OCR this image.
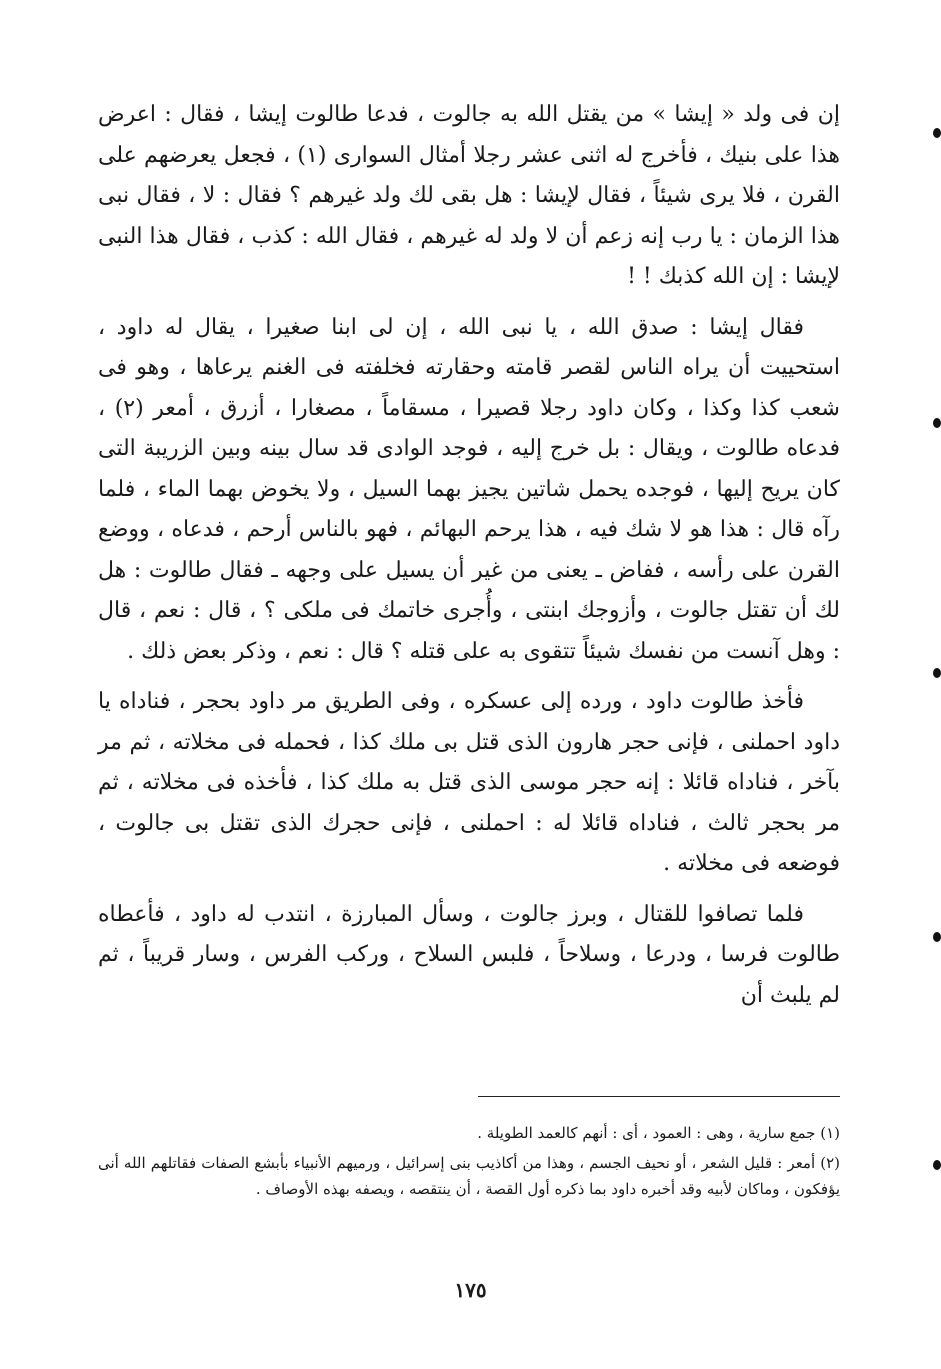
إن فى ولد « إيشا » من يقتل الله به جالوت ، فدعا طالوت إيشا ، فقال : اعرض هذا على بنيك ، فأخرج له اثنى عشر رجلا أمثال السوارى (١) ، فجعل يعرضهم على القرن ، فلا يرى شيئاً ، فقال لإيشا : هل بقى لك ولد غيرهم ؟ فقال : لا ، فقال نبى هذا الزمان : يا رب إنه زعم أن لا ولد له غيرهم ، فقال الله : كذب ، فقال هذا النبى لإيشا : إن الله كذبك ! !

فقال إيشا : صدق الله ، يا نبى الله ، إن لى ابنا صغيرا ، يقال له داود ، استحييت أن يراه الناس لقصر قامته وحقارته فخلفته فى الغنم يرعاها ، وهو فى شعب كذا وكذا ، وكان داود رجلا قصيرا ، مسقاماً ، مصغارا ، أزرق ، أمعر (٢) ، فدعاه طالوت ، ويقال : بل خرج إليه ، فوجد الوادى قد سال بينه وبين الزريبة التى كان يريح إليها ، فوجده يحمل شاتين يجيز بهما السيل ، ولا يخوض بهما الماء ، فلما رآه قال : هذا هو لا شك فيه ، هذا يرحم البهائم ، فهو بالناس أرحم ، فدعاه ، ووضع القرن على رأسه ، ففاض ـ يعنى من غير أن يسيل على وجهه ـ فقال طالوت : هل لك أن تقتل جالوت ، وأزوجك ابنتى ، وأُجرى خاتمك فى ملكى ؟ ، قال : نعم ، قال : وهل آنست من نفسك شيئاً تتقوى به على قتله ؟ قال : نعم ، وذكر بعض ذلك .

فأخذ طالوت داود ، ورده إلى عسكره ، وفى الطريق مر داود بحجر ، فناداه يا داود احملنى ، فإنى حجر هارون الذى قتل بى ملك كذا ، فحمله فى مخلاته ، ثم مر بآخر ، فناداه قائلا : إنه حجر موسى الذى قتل به ملك كذا ، فأخذه فى مخلاته ، ثم مر بحجر ثالث ، فناداه قائلا له : احملنى ، فإنى حجرك الذى تقتل بى جالوت ، فوضعه فى مخلاته .

فلما تصافوا للقتال ، وبرز جالوت ، وسأل المبارزة ، انتدب له داود ، فأعطاه طالوت فرسا ، ودرعا ، وسلاحاً ، فلبس السلاح ، وركب الفرس ، وسار قريباً ، ثم لم يلبث أن

(١) جمع سارية ، وهى : العمود ، أى : أنهم كالعمد الطويلة .

(٢) أمعر : قليل الشعر ، أو نحيف الجسم ، وهذا من أكاذيب بنى إسرائيل ، ورميهم الأنبياء بأبشع الصفات فقاتلهم الله أنى يؤفكون ، وماكان لأبيه وقد أخبره داود بما ذكره أول القصة ، أن ينتقصه ، ويصفه بهذه الأوصاف .

١٧٥
